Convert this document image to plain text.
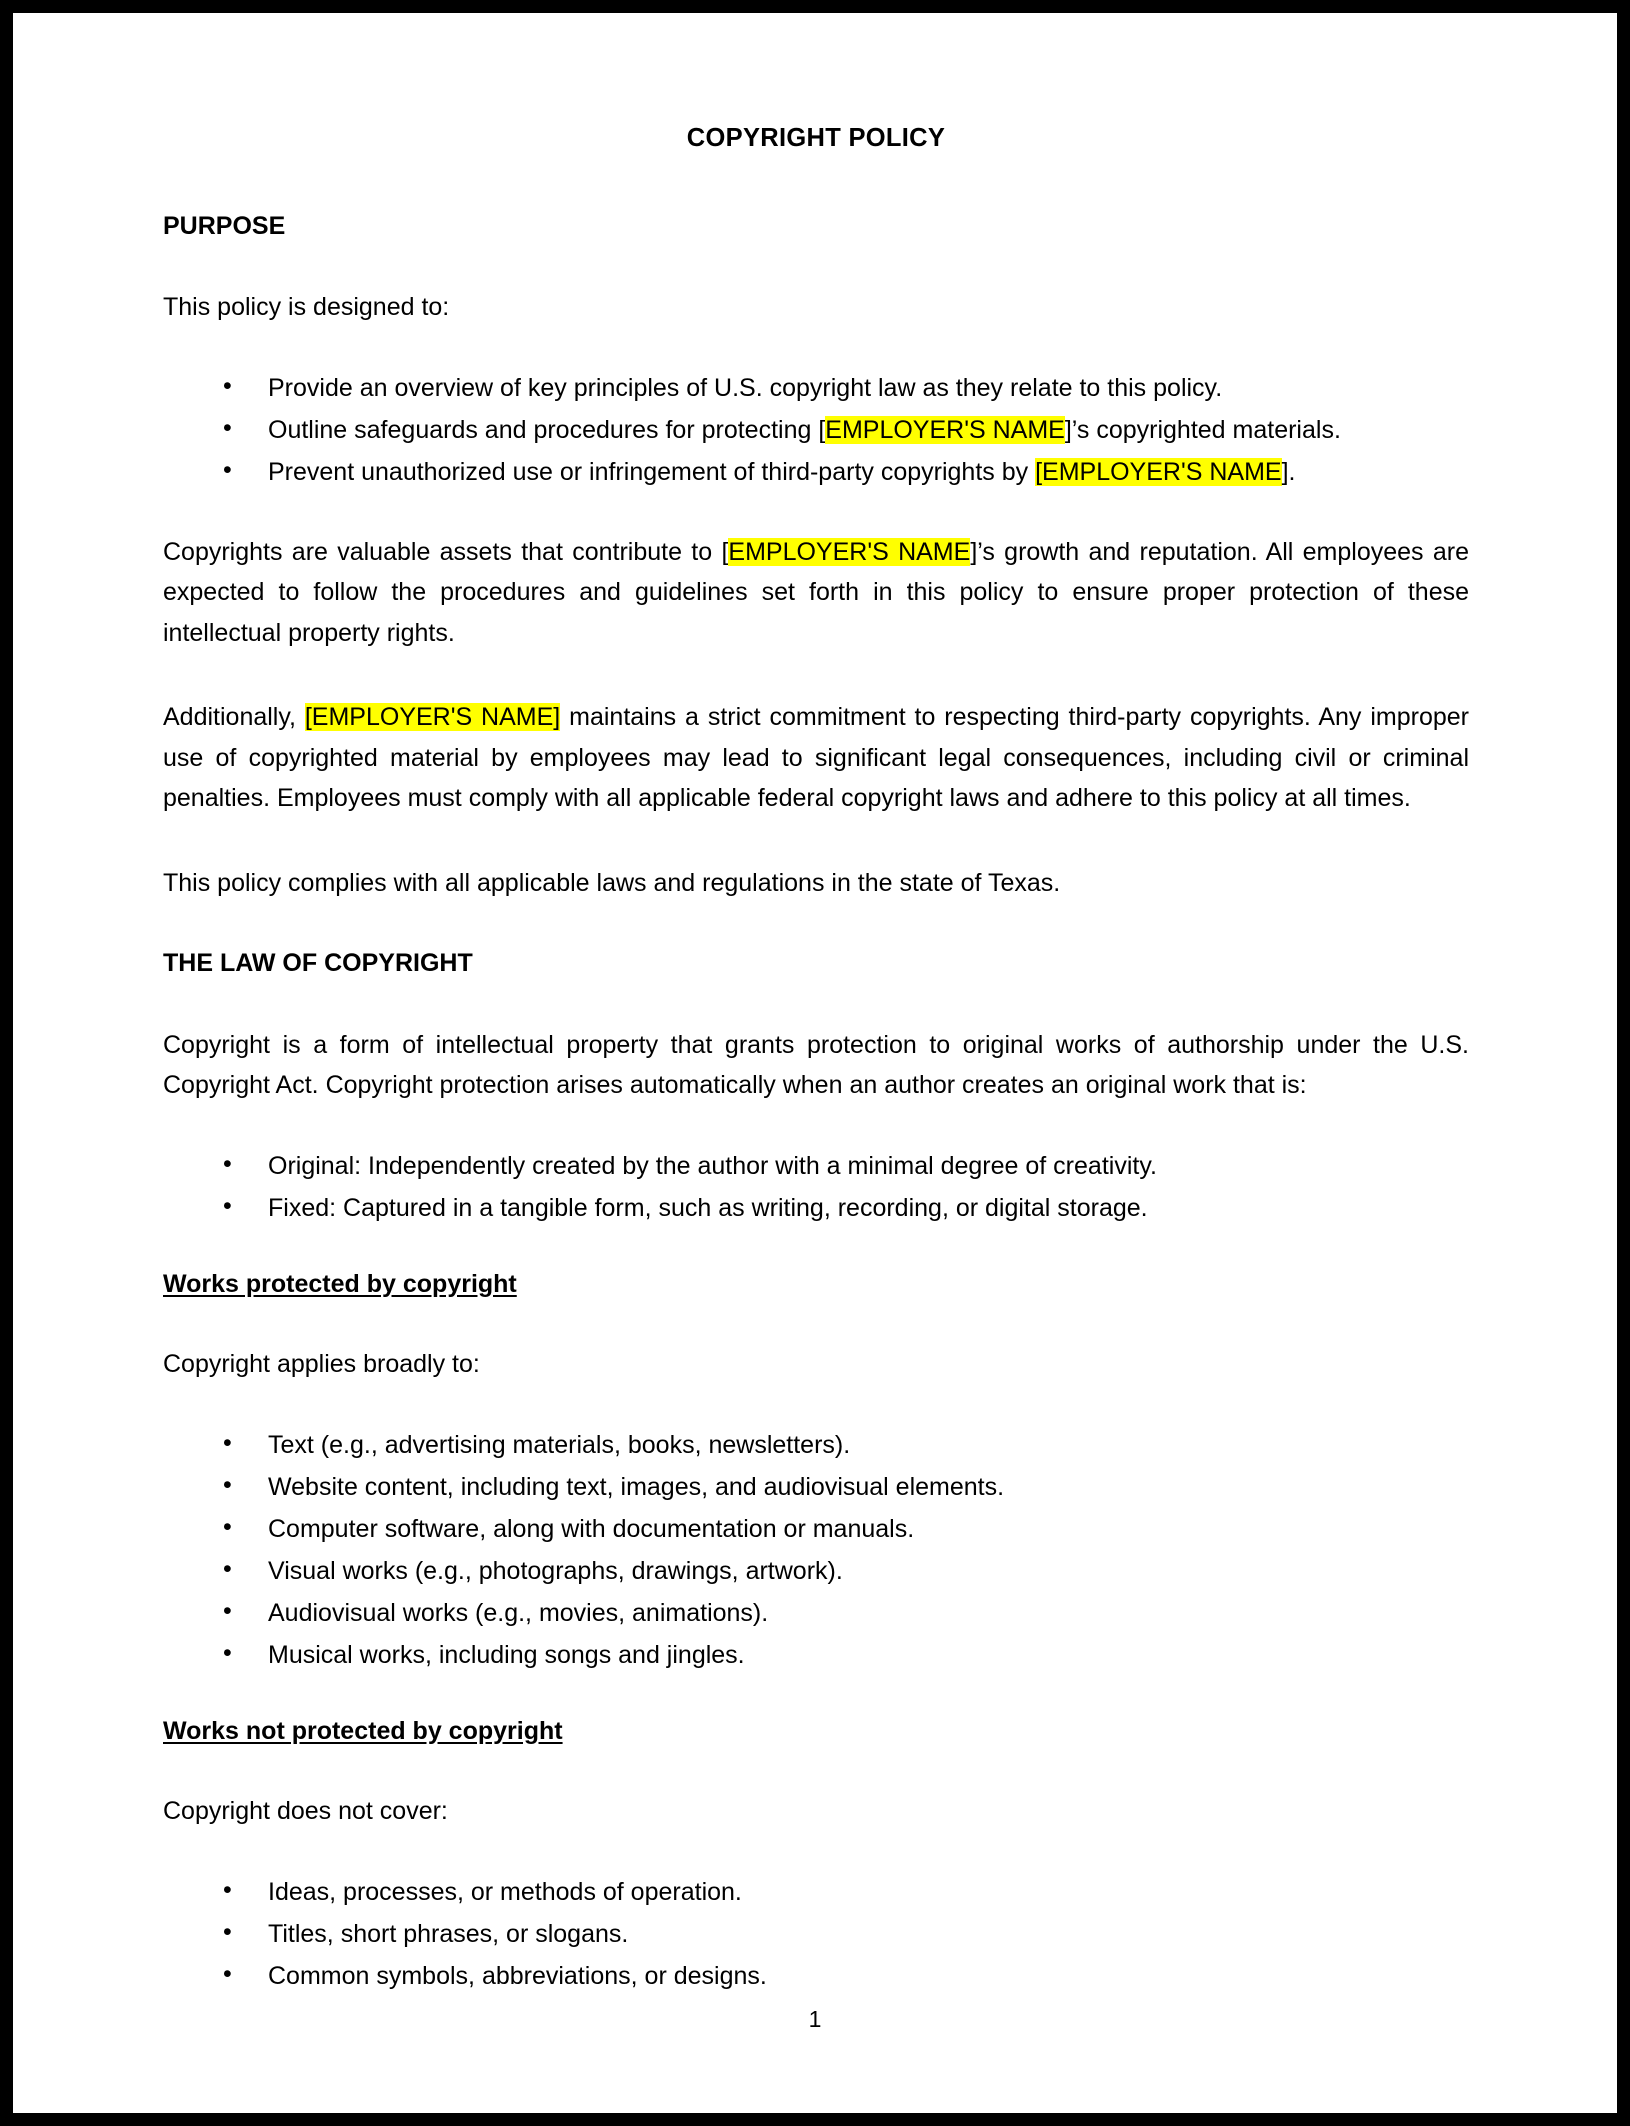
COPYRIGHT POLICY
PURPOSE

This policy is designed to:

• Provide an overview of key principles of U.S. copyright law as they relate to this policy.
• Outline safeguards and procedures for protecting [EMPLOYER'S NAME]’s copyrighted materials.
• Prevent unauthorized use or infringement of third-party copyrights by [EMPLOYER'S NAME].

Copyrights are valuable assets that contribute to [EMPLOYER'S NAME]’s growth and reputation. All employees are expected to follow the procedures and guidelines set forth in this policy to ensure proper protection of these intellectual property rights.

Additionally, [EMPLOYER'S NAME] maintains a strict commitment to respecting third-party copyrights. Any improper use of copyrighted material by employees may lead to significant legal consequences, including civil or criminal penalties. Employees must comply with all applicable federal copyright laws and adhere to this policy at all times.

This policy complies with all applicable laws and regulations in the state of Texas.

THE LAW OF COPYRIGHT

Copyright is a form of intellectual property that grants protection to original works of authorship under the U.S. Copyright Act. Copyright protection arises automatically when an author creates an original work that is:

• Original: Independently created by the author with a minimal degree of creativity.
• Fixed: Captured in a tangible form, such as writing, recording, or digital storage.
Works protected by copyright

Copyright applies broadly to:

• Text (e.g., advertising materials, books, newsletters).
• Website content, including text, images, and audiovisual elements.
• Computer software, along with documentation or manuals.
• Visual works (e.g., photographs, drawings, artwork).
• Audiovisual works (e.g., movies, animations).
• Musical works, including songs and jingles.
Works not protected by copyright

Copyright does not cover:

• Ideas, processes, or methods of operation.
• Titles, short phrases, or slogans.
• Common symbols, abbreviations, or designs.
1
